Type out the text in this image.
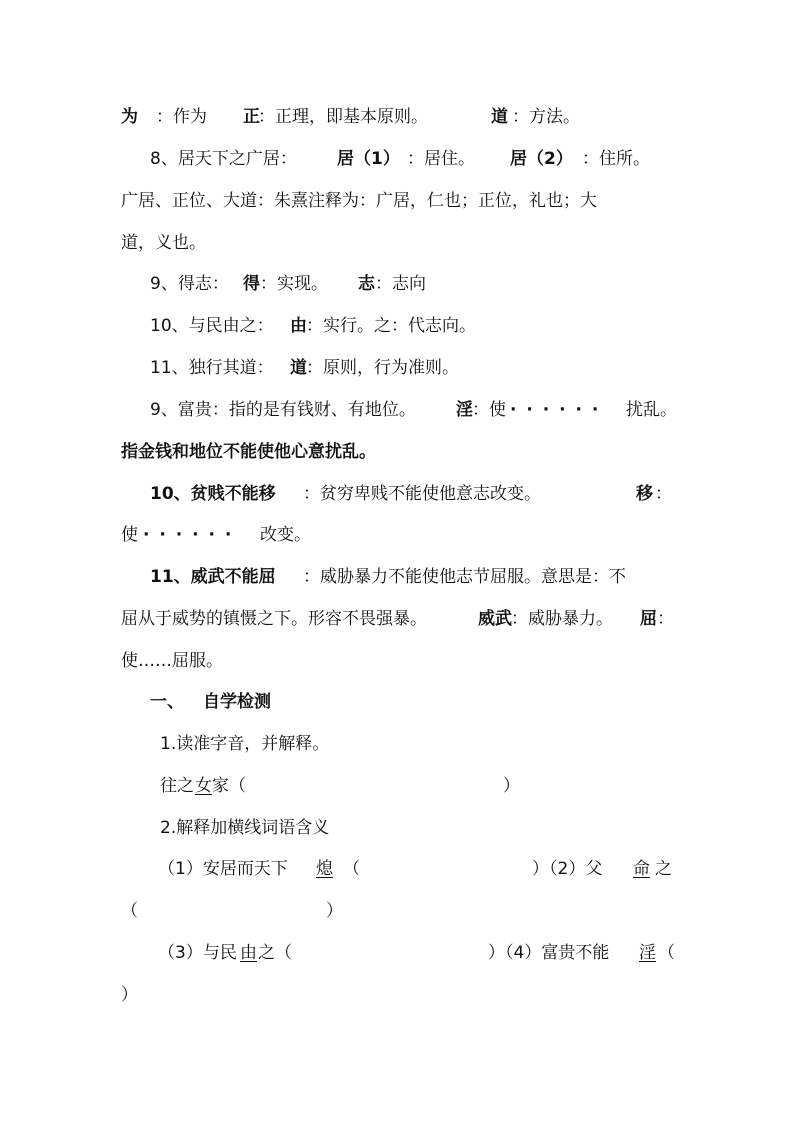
为

：作为

正

：正理，即基本原则。

	道

：方法。

8、居天下之广居：

居（1）

：居住。

居（2）

：住所。

广居、正位、大道：朱熹注释为：广居，仁也；正位，礼也；大

道，义也。

9、得志：

得

：实现。

志

：志向

10、与民由之：

由

：实行。之：代志向。

11、独行其道：

道

：原则，行为准则。

9、富贵：指的是有钱财、有地位。

淫

：使

· · · · · ·

扰乱。

指金钱和地位不能使他心意扰乱。

10、贫贱不能移

：贫穷卑贱不能使他意志改变。

	移

：

使

· · · · · ·

改变。

11、威武不能屈

：威胁暴力不能使他志节屈服。意思是：不

屈从于威势的镇慑之下。形容不畏强暴。

	威武

：威胁暴力。

屈

：

使……屈服。

一、

自学检测

1.读准字音，并解释。

往之

女

家（

	）

2.解释加横线词语含义

（1）安居而天下

熄

（

	）（2）父

命

之

（

	）

（3）与民

由

之（

	）（4）富贵不能

淫

（

）
